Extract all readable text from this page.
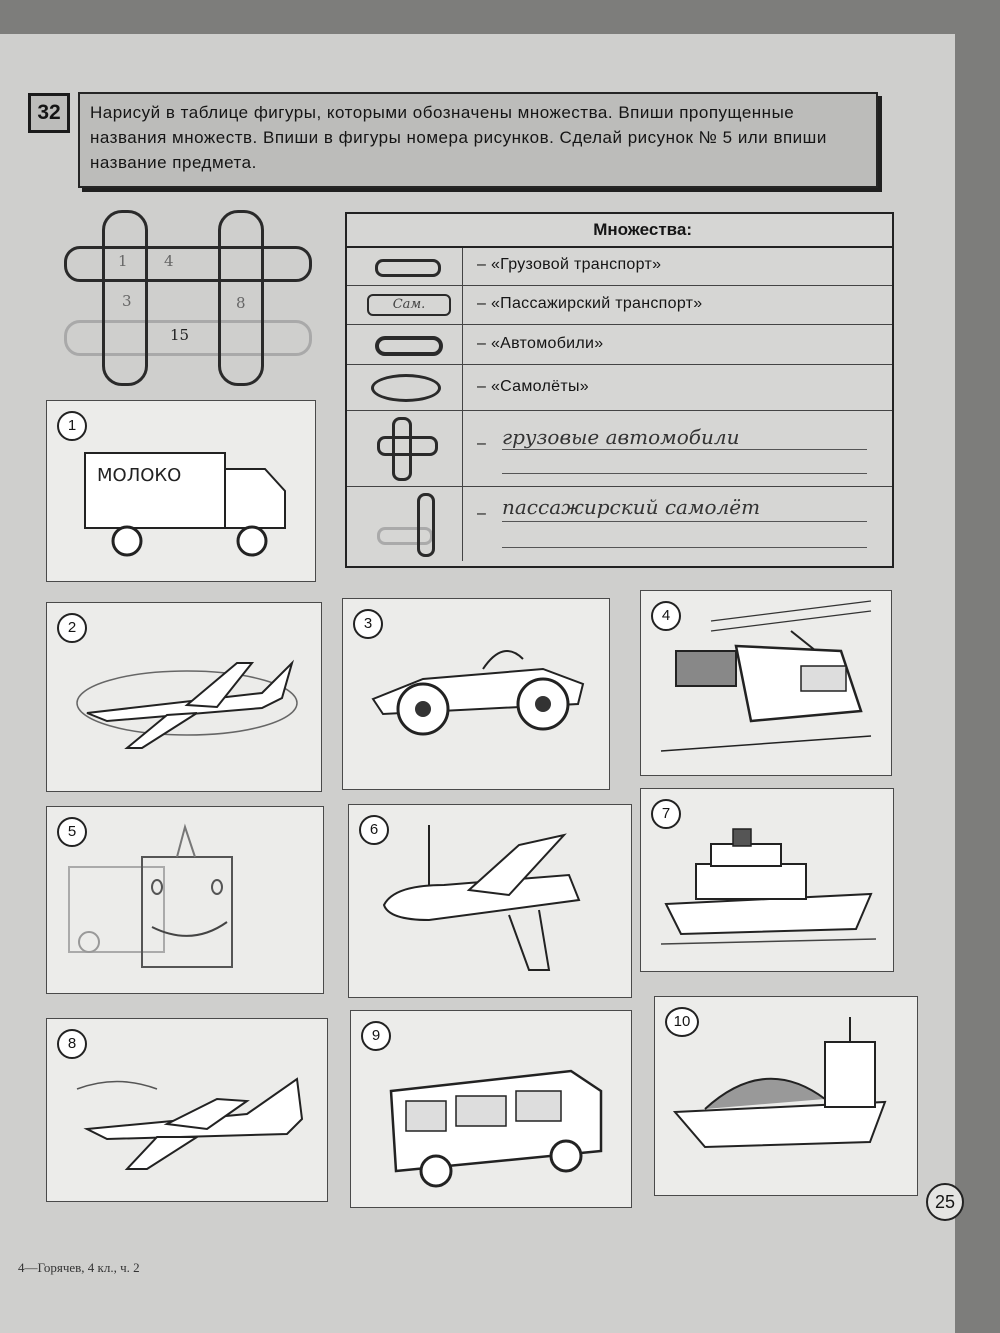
32	Нарисуй в таблице фигуры, которыми обозначены множества. Впиши пропущенные названия множеств. Впиши в фигуры номера рисунков. Сделай рисунок № 5 или впиши название предмета.
1 4
3	8
15
Множества:
– «Грузовой транспорт»
Сам.	– «Пассажирский транспорт»
– «Автомобили»
– «Самолёты»
– грузовые автомобили
– пассажирский самолёт
1
МОЛОКО
2	3	4
5	6
7
8	9
10
25
4—Горячев, 4 кл., ч. 2
